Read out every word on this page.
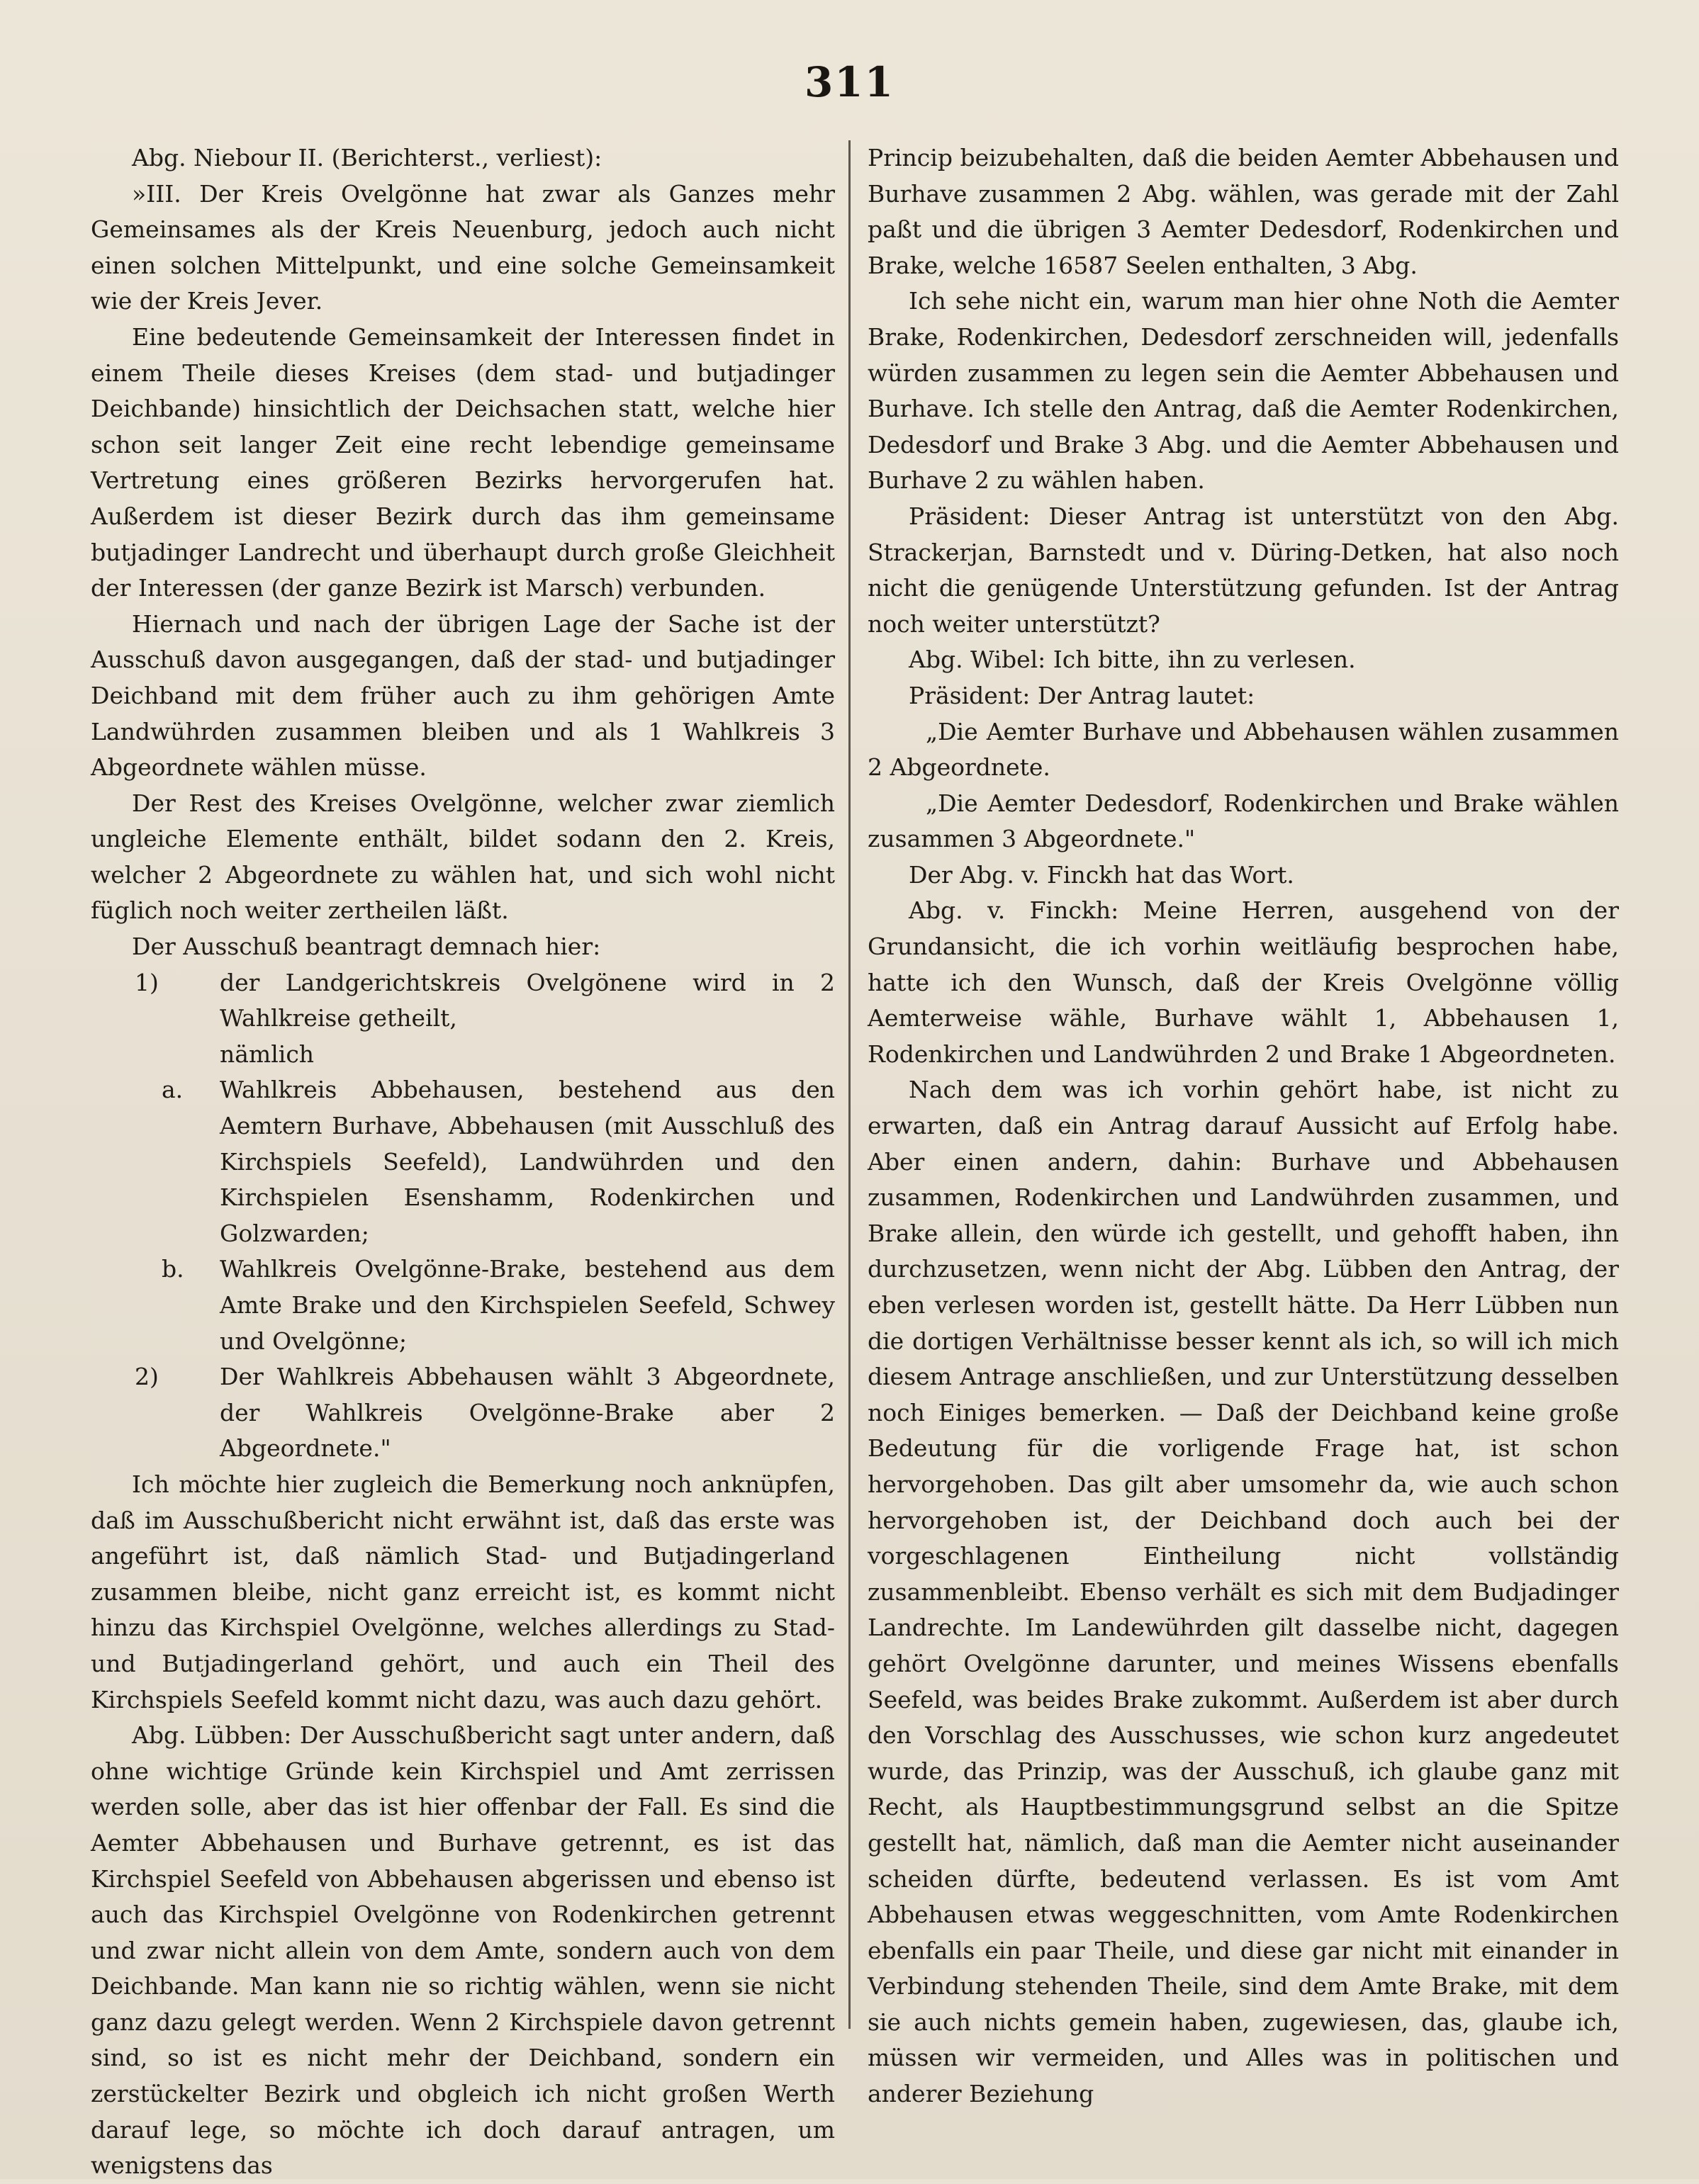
311

Abg. Niebour II. (Berichterst., verliest):

»III. Der Kreis Ovelgönne hat zwar als Ganzes mehr Gemeinsames als der Kreis Neuenburg, jedoch auch nicht einen solchen Mittelpunkt, und eine solche Gemeinsamkeit wie der Kreis Jever.

Eine bedeutende Gemeinsamkeit der Interessen findet in einem Theile dieses Kreises (dem stad- und butjadinger Deichbande) hinsichtlich der Deichsachen statt, welche hier schon seit langer Zeit eine recht lebendige gemeinsame Vertretung eines größeren Bezirks hervorgerufen hat. Außerdem ist dieser Bezirk durch das ihm gemeinsame butjadinger Landrecht und überhaupt durch große Gleichheit der Interessen (der ganze Bezirk ist Marsch) verbunden.

Hiernach und nach der übrigen Lage der Sache ist der Ausschuß davon ausgegangen, daß der stad- und butjadinger Deichband mit dem früher auch zu ihm gehörigen Amte Landwührden zusammen bleiben und als 1 Wahlkreis 3 Abgeordnete wählen müsse.

Der Rest des Kreises Ovelgönne, welcher zwar ziemlich ungleiche Elemente enthält, bildet sodann den 2. Kreis, welcher 2 Abgeordnete zu wählen hat, und sich wohl nicht füglich noch weiter zertheilen läßt.

Der Ausschuß beantragt demnach hier:

1)	der Landgerichtskreis Ovelgönene wird in 2 Wahlkreise getheilt,

nämlich

a. Wahlkreis Abbehausen, bestehend aus den Aemtern Burhave, Abbehausen (mit Ausschluß des Kirchspiels Seefeld), Landwührden und den Kirchspielen Esenshamm, Rodenkirchen und Golzwarden;

b. Wahlkreis Ovelgönne-Brake, bestehend aus dem Amte Brake und den Kirchspielen Seefeld, Schwey und Ovelgönne;

2)	Der Wahlkreis Abbehausen wählt 3 Abgeordnete, der Wahlkreis Ovelgönne-Brake aber 2 Abgeordnete."

Ich möchte hier zugleich die Bemerkung noch anknüpfen, daß im Ausschußbericht nicht erwähnt ist, daß das erste was angeführt ist, daß nämlich Stad- und Butjadingerland zusammen bleibe, nicht ganz erreicht ist, es kommt nicht hinzu das Kirchspiel Ovelgönne, welches allerdings zu Stad- und Butjadingerland gehört, und auch ein Theil des Kirchspiels Seefeld kommt nicht dazu, was auch dazu gehört.

Abg. Lübben: Der Ausschußbericht sagt unter andern, daß ohne wichtige Gründe kein Kirchspiel und Amt zerrissen werden solle, aber das ist hier offenbar der Fall. Es sind die Aemter Abbehausen und Burhave getrennt, es ist das Kirchspiel Seefeld von Abbehausen abgerissen und ebenso ist auch das Kirchspiel Ovelgönne von Rodenkirchen getrennt und zwar nicht allein von dem Amte, sondern auch von dem Deichbande. Man kann nie so richtig wählen, wenn sie nicht ganz dazu gelegt werden. Wenn 2 Kirchspiele davon getrennt sind, so ist es nicht mehr der Deichband, sondern ein zerstückelter Bezirk und obgleich ich nicht großen Werth darauf lege, so möchte ich doch darauf antragen, um wenigstens das

Princip beizubehalten, daß die beiden Aemter Abbehausen und Burhave zusammen 2 Abg. wählen, was gerade mit der Zahl paßt und die übrigen 3 Aemter Dedesdorf, Rodenkirchen und Brake, welche 16587 Seelen enthalten, 3 Abg.

Ich sehe nicht ein, warum man hier ohne Noth die Aemter Brake, Rodenkirchen, Dedesdorf zerschneiden will, jedenfalls würden zusammen zu legen sein die Aemter Abbehausen und Burhave. Ich stelle den Antrag, daß die Aemter Rodenkirchen, Dedesdorf und Brake 3 Abg. und die Aemter Abbehausen und Burhave 2 zu wählen haben.

Präsident: Dieser Antrag ist unterstützt von den Abg. Strackerjan, Barnstedt und v. Düring-Detken, hat also noch nicht die genügende Unterstützung gefunden. Ist der Antrag noch weiter unterstützt?

Abg. Wibel: Ich bitte, ihn zu verlesen.

Präsident: Der Antrag lautet:

„Die Aemter Burhave und Abbehausen wählen zusammen 2 Abgeordnete.

„Die Aemter Dedesdorf, Rodenkirchen und Brake wählen zusammen 3 Abgeordnete."

Der Abg. v. Finckh hat das Wort.

Abg. v. Finckh: Meine Herren, ausgehend von der Grundansicht, die ich vorhin weitläufig besprochen habe, hatte ich den Wunsch, daß der Kreis Ovelgönne völlig Aemterweise wähle, Burhave wählt 1, Abbehausen 1, Rodenkirchen und Landwührden 2 und Brake 1 Abgeordneten.

Nach dem was ich vorhin gehört habe, ist nicht zu erwarten, daß ein Antrag darauf Aussicht auf Erfolg habe. Aber einen andern, dahin: Burhave und Abbehausen zusammen, Rodenkirchen und Landwührden zusammen, und Brake allein, den würde ich gestellt, und gehofft haben, ihn durchzusetzen, wenn nicht der Abg. Lübben den Antrag, der eben verlesen worden ist, gestellt hätte. Da Herr Lübben nun die dortigen Verhältnisse besser kennt als ich, so will ich mich diesem Antrage anschließen, und zur Unterstützung desselben noch Einiges bemerken. — Daß der Deichband keine große Bedeutung für die vorligende Frage hat, ist schon hervorgehoben. Das gilt aber umsomehr da, wie auch schon hervorgehoben ist, der Deichband doch auch bei der vorgeschlagenen Eintheilung nicht vollständig zusammenbleibt. Ebenso verhält es sich mit dem Budjadinger Landrechte. Im Landewührden gilt dasselbe nicht, dagegen gehört Ovelgönne darunter, und meines Wissens ebenfalls Seefeld, was beides Brake zukommt. Außerdem ist aber durch den Vorschlag des Ausschusses, wie schon kurz angedeutet wurde, das Prinzip, was der Ausschuß, ich glaube ganz mit Recht, als Hauptbestimmungsgrund selbst an die Spitze gestellt hat, nämlich, daß man die Aemter nicht auseinander scheiden dürfte, bedeutend verlassen. Es ist vom Amt Abbehausen etwas weggeschnitten, vom Amte Rodenkirchen ebenfalls ein paar Theile, und diese gar nicht mit einander in Verbindung stehenden Theile, sind dem Amte Brake, mit dem sie auch nichts gemein haben, zugewiesen, das, glaube ich, müssen wir vermeiden, und Alles was in politischen und anderer Beziehung
